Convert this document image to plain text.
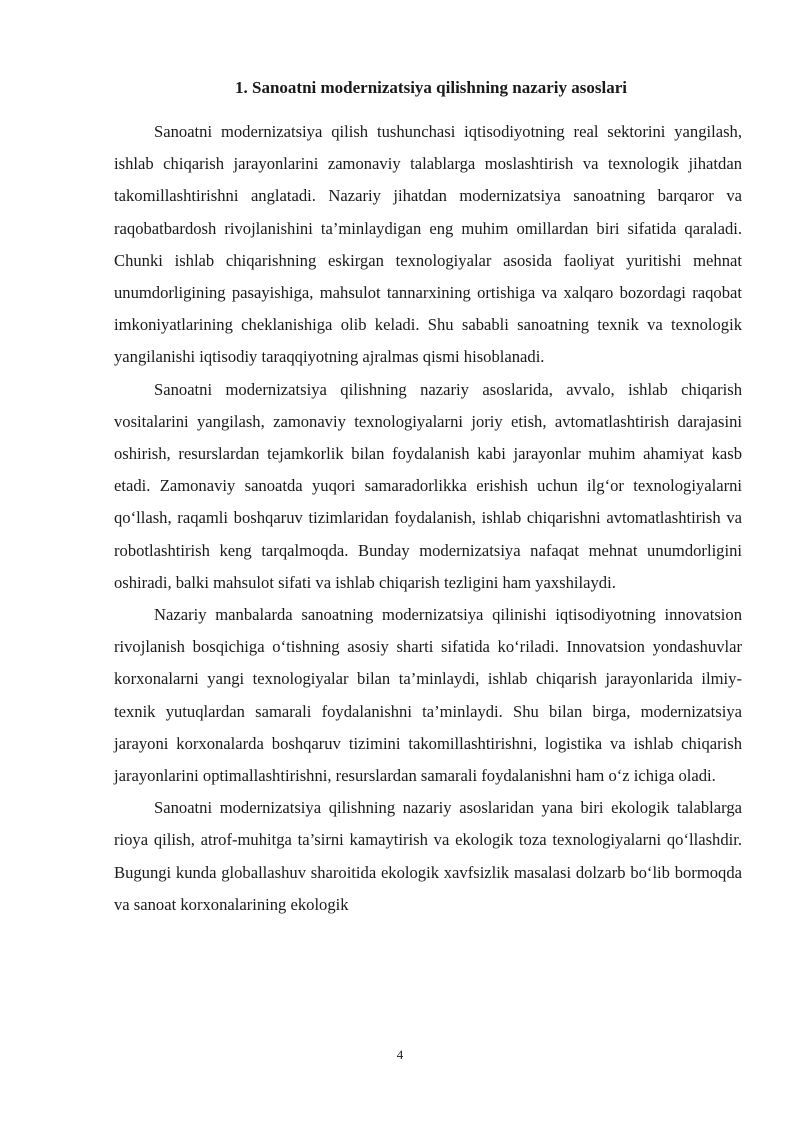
1. Sanoatni modernizatsiya qilishning nazariy asoslari

Sanoatni modernizatsiya qilish tushunchasi iqtisodiyotning real sektorini yangilash, ishlab chiqarish jarayonlarini zamonaviy talablarga moslashtirish va texnologik jihatdan takomillashtirishni anglatadi. Nazariy jihatdan modernizatsiya sanoatning barqaror va raqobatbardosh rivojlanishini ta’minlaydigan eng muhim omillardan biri sifatida qaraladi. Chunki ishlab chiqarishning eskirgan texnologiyalar asosida faoliyat yuritishi mehnat unumdorligining pasayishiga, mahsulot tannarxining ortishiga va xalqaro bozordagi raqobat imkoniyatlarining cheklanishiga olib keladi. Shu sababli sanoatning texnik va texnologik yangilanishi iqtisodiy taraqqiyotning ajralmas qismi hisoblanadi.

Sanoatni modernizatsiya qilishning nazariy asoslarida, avvalo, ishlab chiqarish vositalarini yangilash, zamonaviy texnologiyalarni joriy etish, avtomatlashtirish darajasini oshirish, resurslardan tejamkorlik bilan foydalanish kabi jarayonlar muhim ahamiyat kasb etadi. Zamonaviy sanoatda yuqori samaradorlikka erishish uchun ilg‘or texnologiyalarni qo‘llash, raqamli boshqaruv tizimlaridan foydalanish, ishlab chiqarishni avtomatlashtirish va robotlashtirish keng tarqalmoqda. Bunday modernizatsiya nafaqat mehnat unumdorligini oshiradi, balki mahsulot sifati va ishlab chiqarish tezligini ham yaxshilaydi.

Nazariy manbalarda sanoatning modernizatsiya qilinishi iqtisodiyotning innovatsion rivojlanish bosqichiga o‘tishning asosiy sharti sifatida ko‘riladi. Innovatsion yondashuvlar korxonalarni yangi texnologiyalar bilan ta’minlaydi, ishlab chiqarish jarayonlarida ilmiy-texnik yutuqlardan samarali foydalanishni ta’minlaydi. Shu bilan birga, modernizatsiya jarayoni korxonalarda boshqaruv tizimini takomillashtirishni, logistika va ishlab chiqarish jarayonlarini optimallashtirishni, resurslardan samarali foydalanishni ham o‘z ichiga oladi.

Sanoatni modernizatsiya qilishning nazariy asoslaridan yana biri ekologik talablarga rioya qilish, atrof-muhitga ta’sirni kamaytirish va ekologik toza texnologiyalarni qo‘llashdir. Bugungi kunda globallashuv sharoitida ekologik xavfsizlik masalasi dolzarb bo‘lib bormoqda va sanoat korxonalarining ekologik

4
